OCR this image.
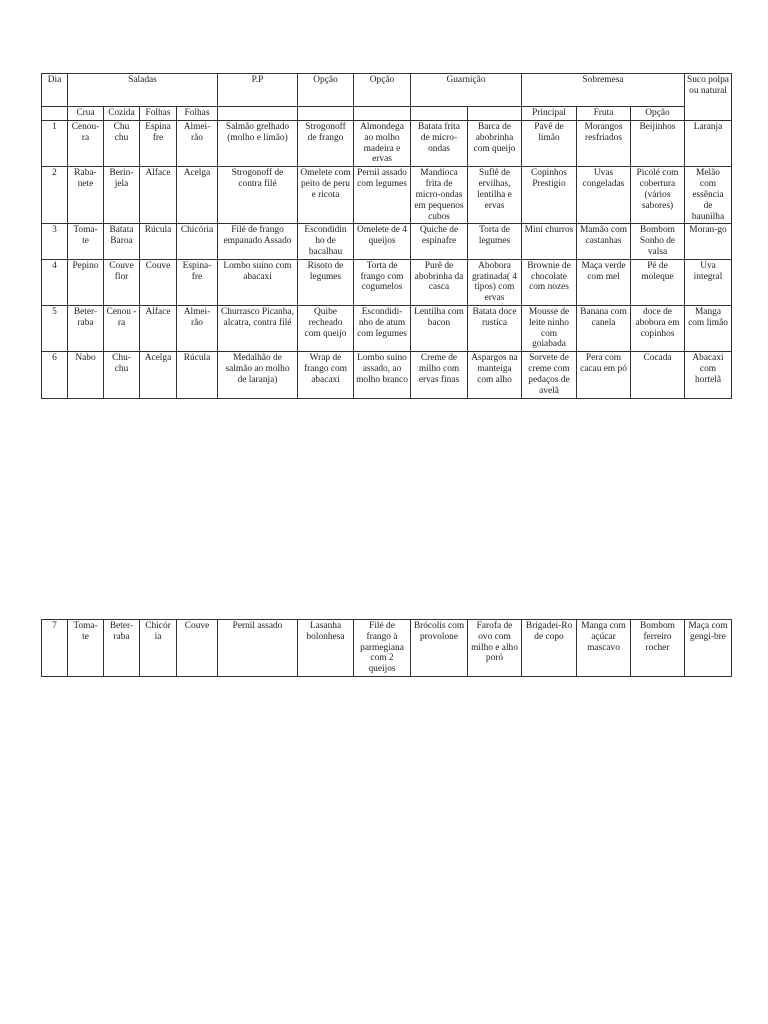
Dia	Saladas				P.P	Opção	Opção	Guarnição		Sobremesa			Suco polpa ou natural
	Crua	Cozida	Folhas	Folhas						Principal	Fruta	Opção	
1	Cenou-ra	Chu chu	Espina fre	Almei-rão	Salmão grelhado (molho e limão)	Strogonoff de frango	Almondega ao molho madeira e ervas	Batata frita de micro-ondas	Barca de abobrinha com queijo	Pavê de limão	Morangos resfriados	Beijinhos	Laranja
2	Raba-nete	Berin-jela	Alface	Acelga	Strogonoff de contra filé	Omelete com peito de peru e ricota	Pernil assado com legumes	Mandioca frita de micro-ondas em pequenos cubos	Suflê de ervilhas, lentilha e ervas	Copinhos Prestigio	Uvas congeladas	Picolé com cobertura (vários sabores)	Melão com essência de baunilha
3	Toma-te	Batata Baroa	Rúcula	Chicória	Filé de frango empanado Assado	Escondidin ho de bacalhau	Omelete de 4 queijos	Quiche de espinafre	Torta de legumes	Mini churros	Mamão com castanhas	Bombom Sonho de valsa	Moran-go
4	Pepino	Couve flor	Couve	Espina-fre	Lombo suíno com abacaxi	Risoto de legumes	Torta de frango com cogumelos	Purê de abobrinha da casca	Abobora gratinada( 4 tipos) com ervas	Brownie de chocolate com nozes	Maça verde com mel	Pé de moleque	Uva integral
5	Beter-raba	Cenou -ra	Alface	Almei-rão	Churrasco Picanha, alcatra, contra filé	Quibe recheado com queijo	Escondidi-nho de atum com legumes	Lentilha com bacon	Batata doce rustica	Mousse de leite ninho com goiabada	Banana com canela	doce de abobora em copinhos	Manga com limão
6	Nabo	Chu-chu	Acelga	Rúcula	Medalhão de salmão ao molho de laranja)	Wrap de frango com abacaxi	Lombo suíno assado, ao molho branco	Creme de milho com ervas finas	Aspargos na manteiga com alho	Sorvete de creme com pedaços de avelã	Pera com cacau em pó	Cocada	Abacaxi com hortelã
7	Toma-te	Beter-raba	Chicór ia	Couve	Pernil assado	Lasanha bolonhesa	Filé de frango à parmegiana com 2 queijos	Brócolis com provolone	Farofa de ovo com milho e alho poró	Brigadei-Ro de copo	Manga com açúcar mascavo	Bombom ferreiro rocher	Maça com gengi-bre
